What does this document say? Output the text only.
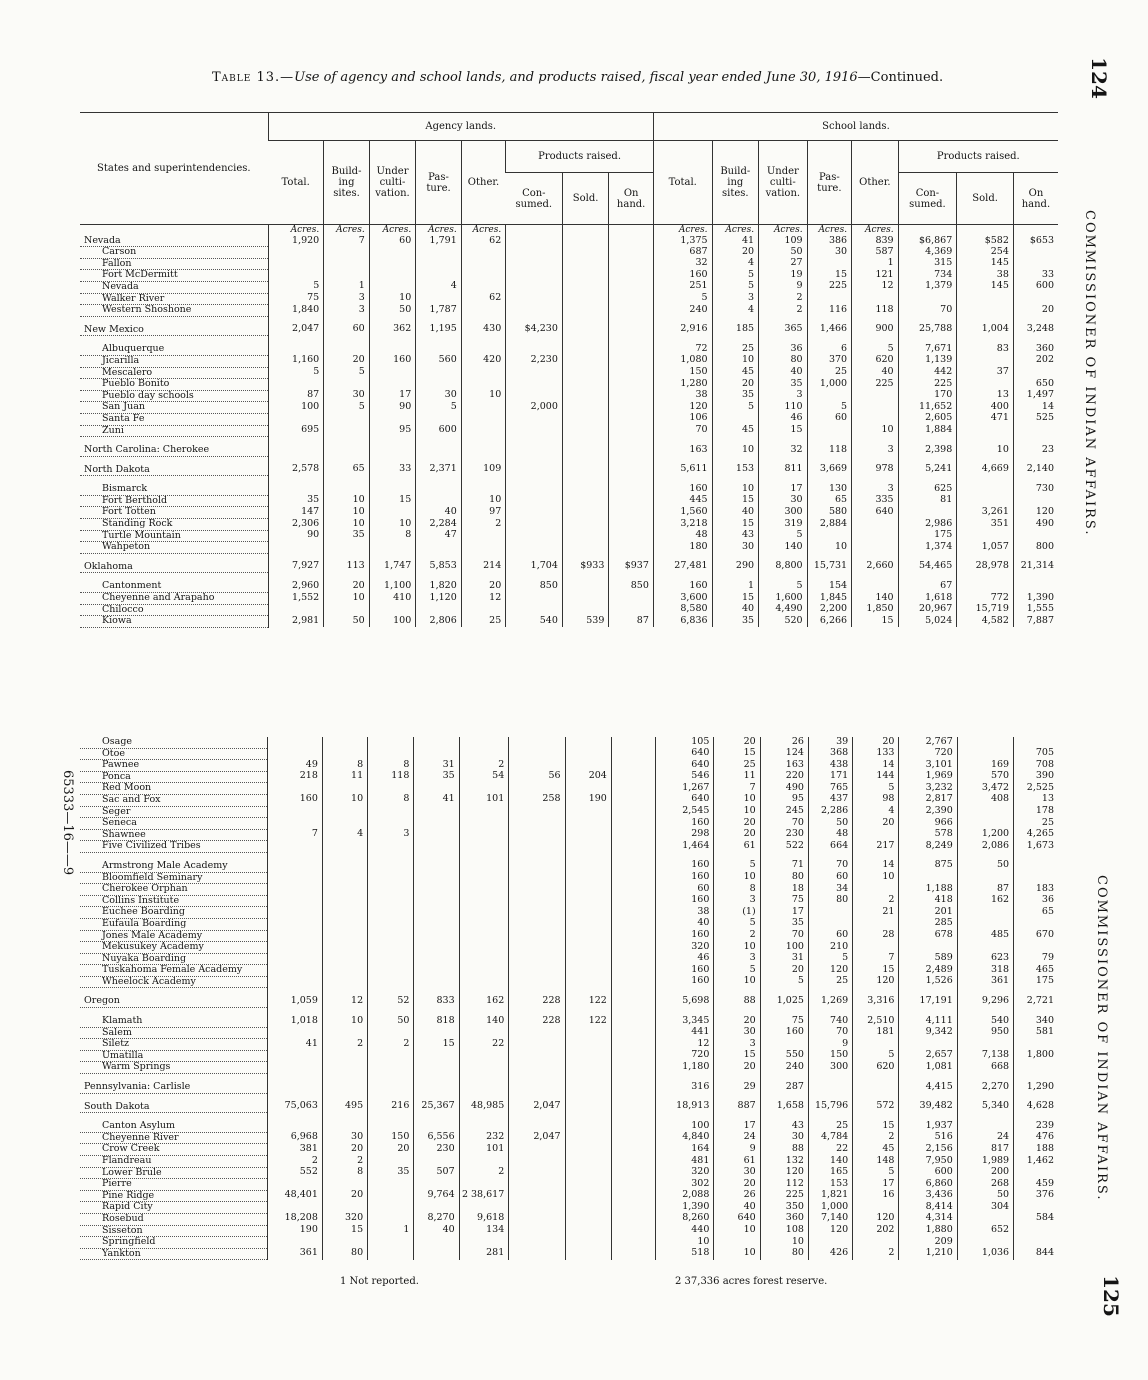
124
125
Table 13.—Use of agency and school lands, and products raised, fiscal year ended June 30, 1916—Continued.
COMMISSIONER OF INDIAN AFFAIRS.
COMMISSIONER OF INDIAN AFFAIRS.
65333—16——9
States and superintendencies.	Agency lands.								School lands.							
	Total.	Build-ing sites.	Under culti-vation.	Pas-ture.	Other.	Products raised.			Total.	Build-ing sites.	Under culti-vation.	Pas-ture.	Other.	Products raised.		
						Con-sumed.	Sold.	On hand.						Con-sumed.	Sold.	On hand.
	Acres.	Acres.	Acres.	Acres.	Acres.				Acres.	Acres.	Acres.	Acres.	Acres.			
Nevada	1,920	7	60	1,791	62				1,375	41	109	386	839	$6,867	$582	$653
Carson									687	20	50	30	587	4,369	254	
Fallon									32	4	27		1	315	145	
Fort McDermitt									160	5	19	15	121	734	38	33
Nevada	5	1		4					251	5	9	225	12	1,379	145	600
Walker River	75	3	10		62				5	3	2					
Western Shoshone	1,840	3	50	1,787					240	4	2	116	118	70		20
New Mexico	2,047	60	362	1,195	430	$4,230			2,916	185	365	1,466	900	25,788	1,004	3,248
Albuquerque									72	25	36	6	5	7,671	83	360
Jicarilla	1,160	20	160	560	420	2,230			1,080	10	80	370	620	1,139		202
Mescalero	5	5							150	45	40	25	40	442	37	
Pueblo Bonito									1,280	20	35	1,000	225	225		650
Pueblo day schools	87	30	17	30	10				38	35	3			170	13	1,497
San Juan	100	5	90	5		2,000			120	5	110	5		11,652	400	14
Santa Fe									106		46	60		2,605	471	525
Zuni	695		95	600					70	45	15		10	1,884		
North Carolina: Cherokee									163	10	32	118	3	2,398	10	23
North Dakota	2,578	65	33	2,371	109				5,611	153	811	3,669	978	5,241	4,669	2,140
Bismarck									160	10	17	130	3	625		730
Fort Berthold	35	10	15		10				445	15	30	65	335	81		
Fort Totten	147	10		40	97				1,560	40	300	580	640		3,261	120
Standing Rock	2,306	10	10	2,284	2				3,218	15	319	2,884		2,986	351	490
Turtle Mountain	90	35	8	47					48	43	5			175		
Wahpeton									180	30	140	10		1,374	1,057	800
Oklahoma	7,927	113	1,747	5,853	214	1,704	$933	$937	27,481	290	8,800	15,731	2,660	54,465	28,978	21,314
Cantonment	2,960	20	1,100	1,820	20	850		850	160	1	5	154		67		
Cheyenne and Arapaho	1,552	10	410	1,120	12				3,600	15	1,600	1,845	140	1,618	772	1,390
Chilocco									8,580	40	4,490	2,200	1,850	20,967	15,719	1,555
Kiowa	2,981	50	100	2,806	25	540	539	87	6,836	35	520	6,266	15	5,024	4,582	7,887
Osage									105	20	26	39	20	2,767		
Otoe									640	15	124	368	133	720		705
Pawnee	49	8	8	31	2				640	25	163	438	14	3,101	169	708
Ponca	218	11	118	35	54	56	204		546	11	220	171	144	1,969	570	390
Red Moon									1,267	7	490	765	5	3,232	3,472	2,525
Sac and Fox	160	10	8	41	101	258	190		640	10	95	437	98	2,817	408	13
Seger									2,545	10	245	2,286	4	2,390		178
Seneca									160	20	70	50	20	966		25
Shawnee	7	4	3						298	20	230	48		578	1,200	4,265
Five Civilized Tribes									1,464	61	522	664	217	8,249	2,086	1,673
Armstrong Male Academy									160	5	71	70	14	875	50	
Bloomfield Seminary									160	10	80	60	10			
Cherokee Orphan									60	8	18	34		1,188	87	183
Collins Institute									160	3	75	80	2	418	162	36
Euchee Boarding									38	(1)	17		21	201		65
Eufaula Boarding									40	5	35			285		
Jones Male Academy									160	2	70	60	28	678	485	670
Mekusukey Academy									320	10	100	210				
Nuyaka Boarding									46	3	31	5	7	589	623	79
Tuskahoma Female Academy									160	5	20	120	15	2,489	318	465
Wheelock Academy									160	10	5	25	120	1,526	361	175
Oregon	1,059	12	52	833	162	228	122		5,698	88	1,025	1,269	3,316	17,191	9,296	2,721
Klamath	1,018	10	50	818	140	228	122		3,345	20	75	740	2,510	4,111	540	340
Salem									441	30	160	70	181	9,342	950	581
Siletz	41	2	2	15	22				12	3		9				
Umatilla									720	15	550	150	5	2,657	7,138	1,800
Warm Springs									1,180	20	240	300	620	1,081	668	
Pennsylvania: Carlisle									316	29	287			4,415	2,270	1,290
South Dakota	75,063	495	216	25,367	48,985	2,047			18,913	887	1,658	15,796	572	39,482	5,340	4,628
Canton Asylum									100	17	43	25	15	1,937		239
Cheyenne River	6,968	30	150	6,556	232	2,047			4,840	24	30	4,784	2	516	24	476
Crow Creek	381	20	20	230	101				164	9	88	22	45	2,156	817	188
Flandreau	2	2							481	61	132	140	148	7,950	1,989	1,462
Lower Brule	552	8	35	507	2				320	30	120	165	5	600	200	
Pierre									302	20	112	153	17	6,860	268	459
Pine Ridge	48,401	20		9,764	2 38,617				2,088	26	225	1,821	16	3,436	50	376
Rapid City									1,390	40	350	1,000		8,414	304	
Rosebud	18,208	320		8,270	9,618				8,260	640	360	7,140	120	4,314		584
Sisseton	190	15	1	40	134				440	10	108	120	202	1,880	652	
Springfield									10		10			209		
Yankton	361	80			281				518	10	80	426	2	1,210	1,036	844
1 Not reported.	2 37,336 acres forest reserve.
